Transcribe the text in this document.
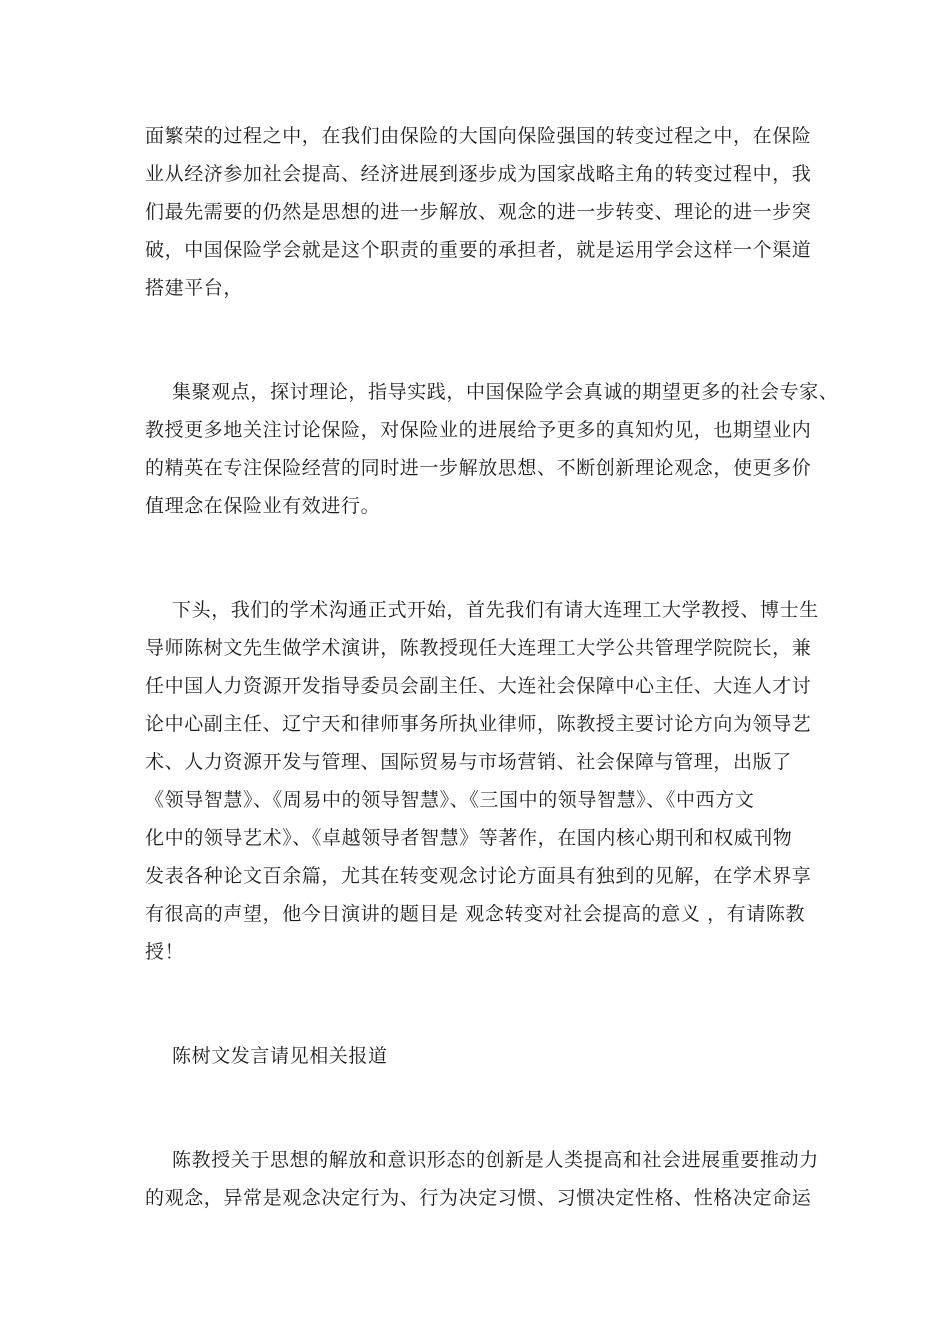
面繁荣的过程之中，在我们由保险的大国向保险强国的转变过程之中，在保险
业从经济参加社会提高、经济进展到逐步成为国家战略主角的转变过程中，我
们最先需要的仍然是思想的进一步解放、观念的进一步转变、理论的进一步突
破，中国保险学会就是这个职责的重要的承担者，就是运用学会这样一个渠道
搭建平台，
集聚观点，探讨理论，指导实践，中国保险学会真诚的期望更多的社会专家、
教授更多地关注讨论保险，对保险业的进展给予更多的真知灼见，也期望业内
的精英在专注保险经营的同时进一步解放思想、不断创新理论观念，使更多价
值理念在保险业有效进行。
下头，我们的学术沟通正式开始，首先我们有请大连理工大学教授、博士生
导师陈树文先生做学术演讲，陈教授现任大连理工大学公共管理学院院长，兼
任中国人力资源开发指导委员会副主任、大连社会保障中心主任、大连人才讨
论中心副主任、辽宁天和律师事务所执业律师，陈教授主要讨论方向为领导艺
术、人力资源开发与管理、国际贸易与市场营销、社会保障与管理，出版了
《领导智慧》、《周易中的领导智慧》、《三国中的领导智慧》、《中西方文
化中的领导艺术》、《卓越领导者智慧》等著作，在国内核心期刊和权威刊物
发表各种论文百余篇，尤其在转变观念讨论方面具有独到的见解，在学术界享
有很高的声望，他今日演讲的题目是 观念转变对社会提高的意义 ，有请陈教
授！
陈树文发言请见相关报道
陈教授关于思想的解放和意识形态的创新是人类提高和社会进展重要推动力
的观念，异常是观念决定行为、行为决定习惯、习惯决定性格、性格决定命运
